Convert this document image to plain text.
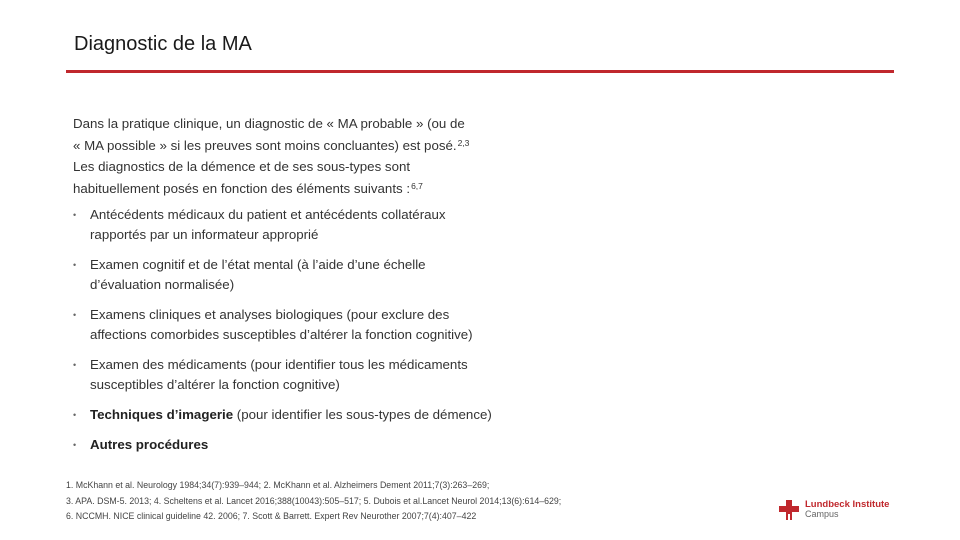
Diagnostic de la MA
Dans la pratique clinique, un diagnostic de « MA probable » (ou de
« MA possible » si les preuves sont moins concluantes) est posé.$^{2,3}$
Les diagnostics de la démence et de ses sous-types sont
habituellement posés en fonction des éléments suivants :$^{6,7}$
• Antécédents médicaux du patient et antécédents collatéraux
rapportés par un informateur approprié
• Examen cognitif et de l’état mental (à l’aide d’une échelle
d’évaluation normalisée)
• Examens cliniques et analyses biologiques (pour exclure des
affections comorbides susceptibles d’altérer la fonction cognitive)
• Examen des médicaments (pour identifier tous les médicaments
susceptibles d’altérer la fonction cognitive)
• Techniques d’imagerie (pour identifier les sous-types de démence)
• Autres procédures
1. McKhann et al. Neurology 1984;34(7):939–944; 2. McKhann et al. Alzheimers Dement 2011;7(3):263–269;
3. APA. DSM-5. 2013; 4. Scheltens et al. Lancet 2016;388(10043):505–517; 5. Dubois et al.Lancet Neurol 2014;13(6):614–629;
6. NCCMH. NICE clinical guideline 42. 2006; 7. Scott & Barrett. Expert Rev Neurother 2007;7(4):407–422
Lundbeck Institute
Campus
